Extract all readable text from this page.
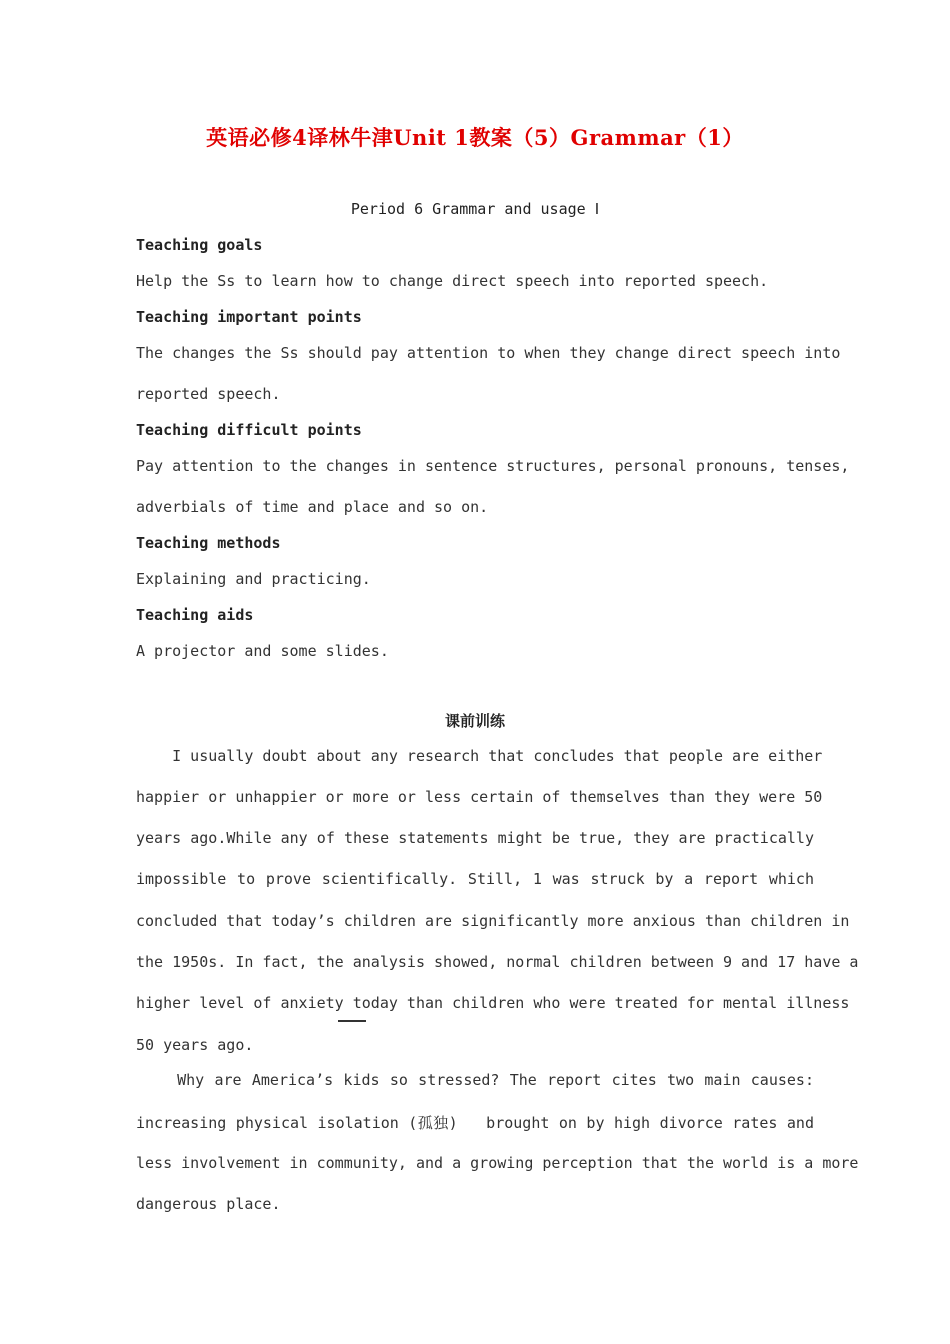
英语必修4译林牛津Unit 1教案（5）Grammar（1）
Period 6 Grammar and usage Ⅰ
Teaching goals
Help the Ss to learn how to change direct speech into reported speech.
Teaching important points
The changes the Ss should pay attention to when they change direct speech into
reported speech.
Teaching difficult points
Pay attention to the changes in sentence structures, personal pronouns, tenses,
adverbials of time and place and so on.
Teaching methods
Explaining and practicing.
Teaching aids
A projector and some slides.
课前训练
I usually doubt about any research that concludes that people are either
happier or unhappier or more or less certain of themselves than they were 50
years ago.While any of these statements might be true, they are practically
impossible to prove scientifically. Still, 1 was struck by a report which
concluded that today’s children are significantly more anxious than children in
the 1950s. In fact, the analysis showed, normal children between 9 and 17 have a
higher level of anxiety today than children who were treated for mental illness
50 years ago.
Why are America’s kids so stressed? The report cites two main causes:
increasing physical isolation (孤独)   brought on by high divorce rates and
less involvement in community, and a growing perception that the world is a more
dangerous place.
